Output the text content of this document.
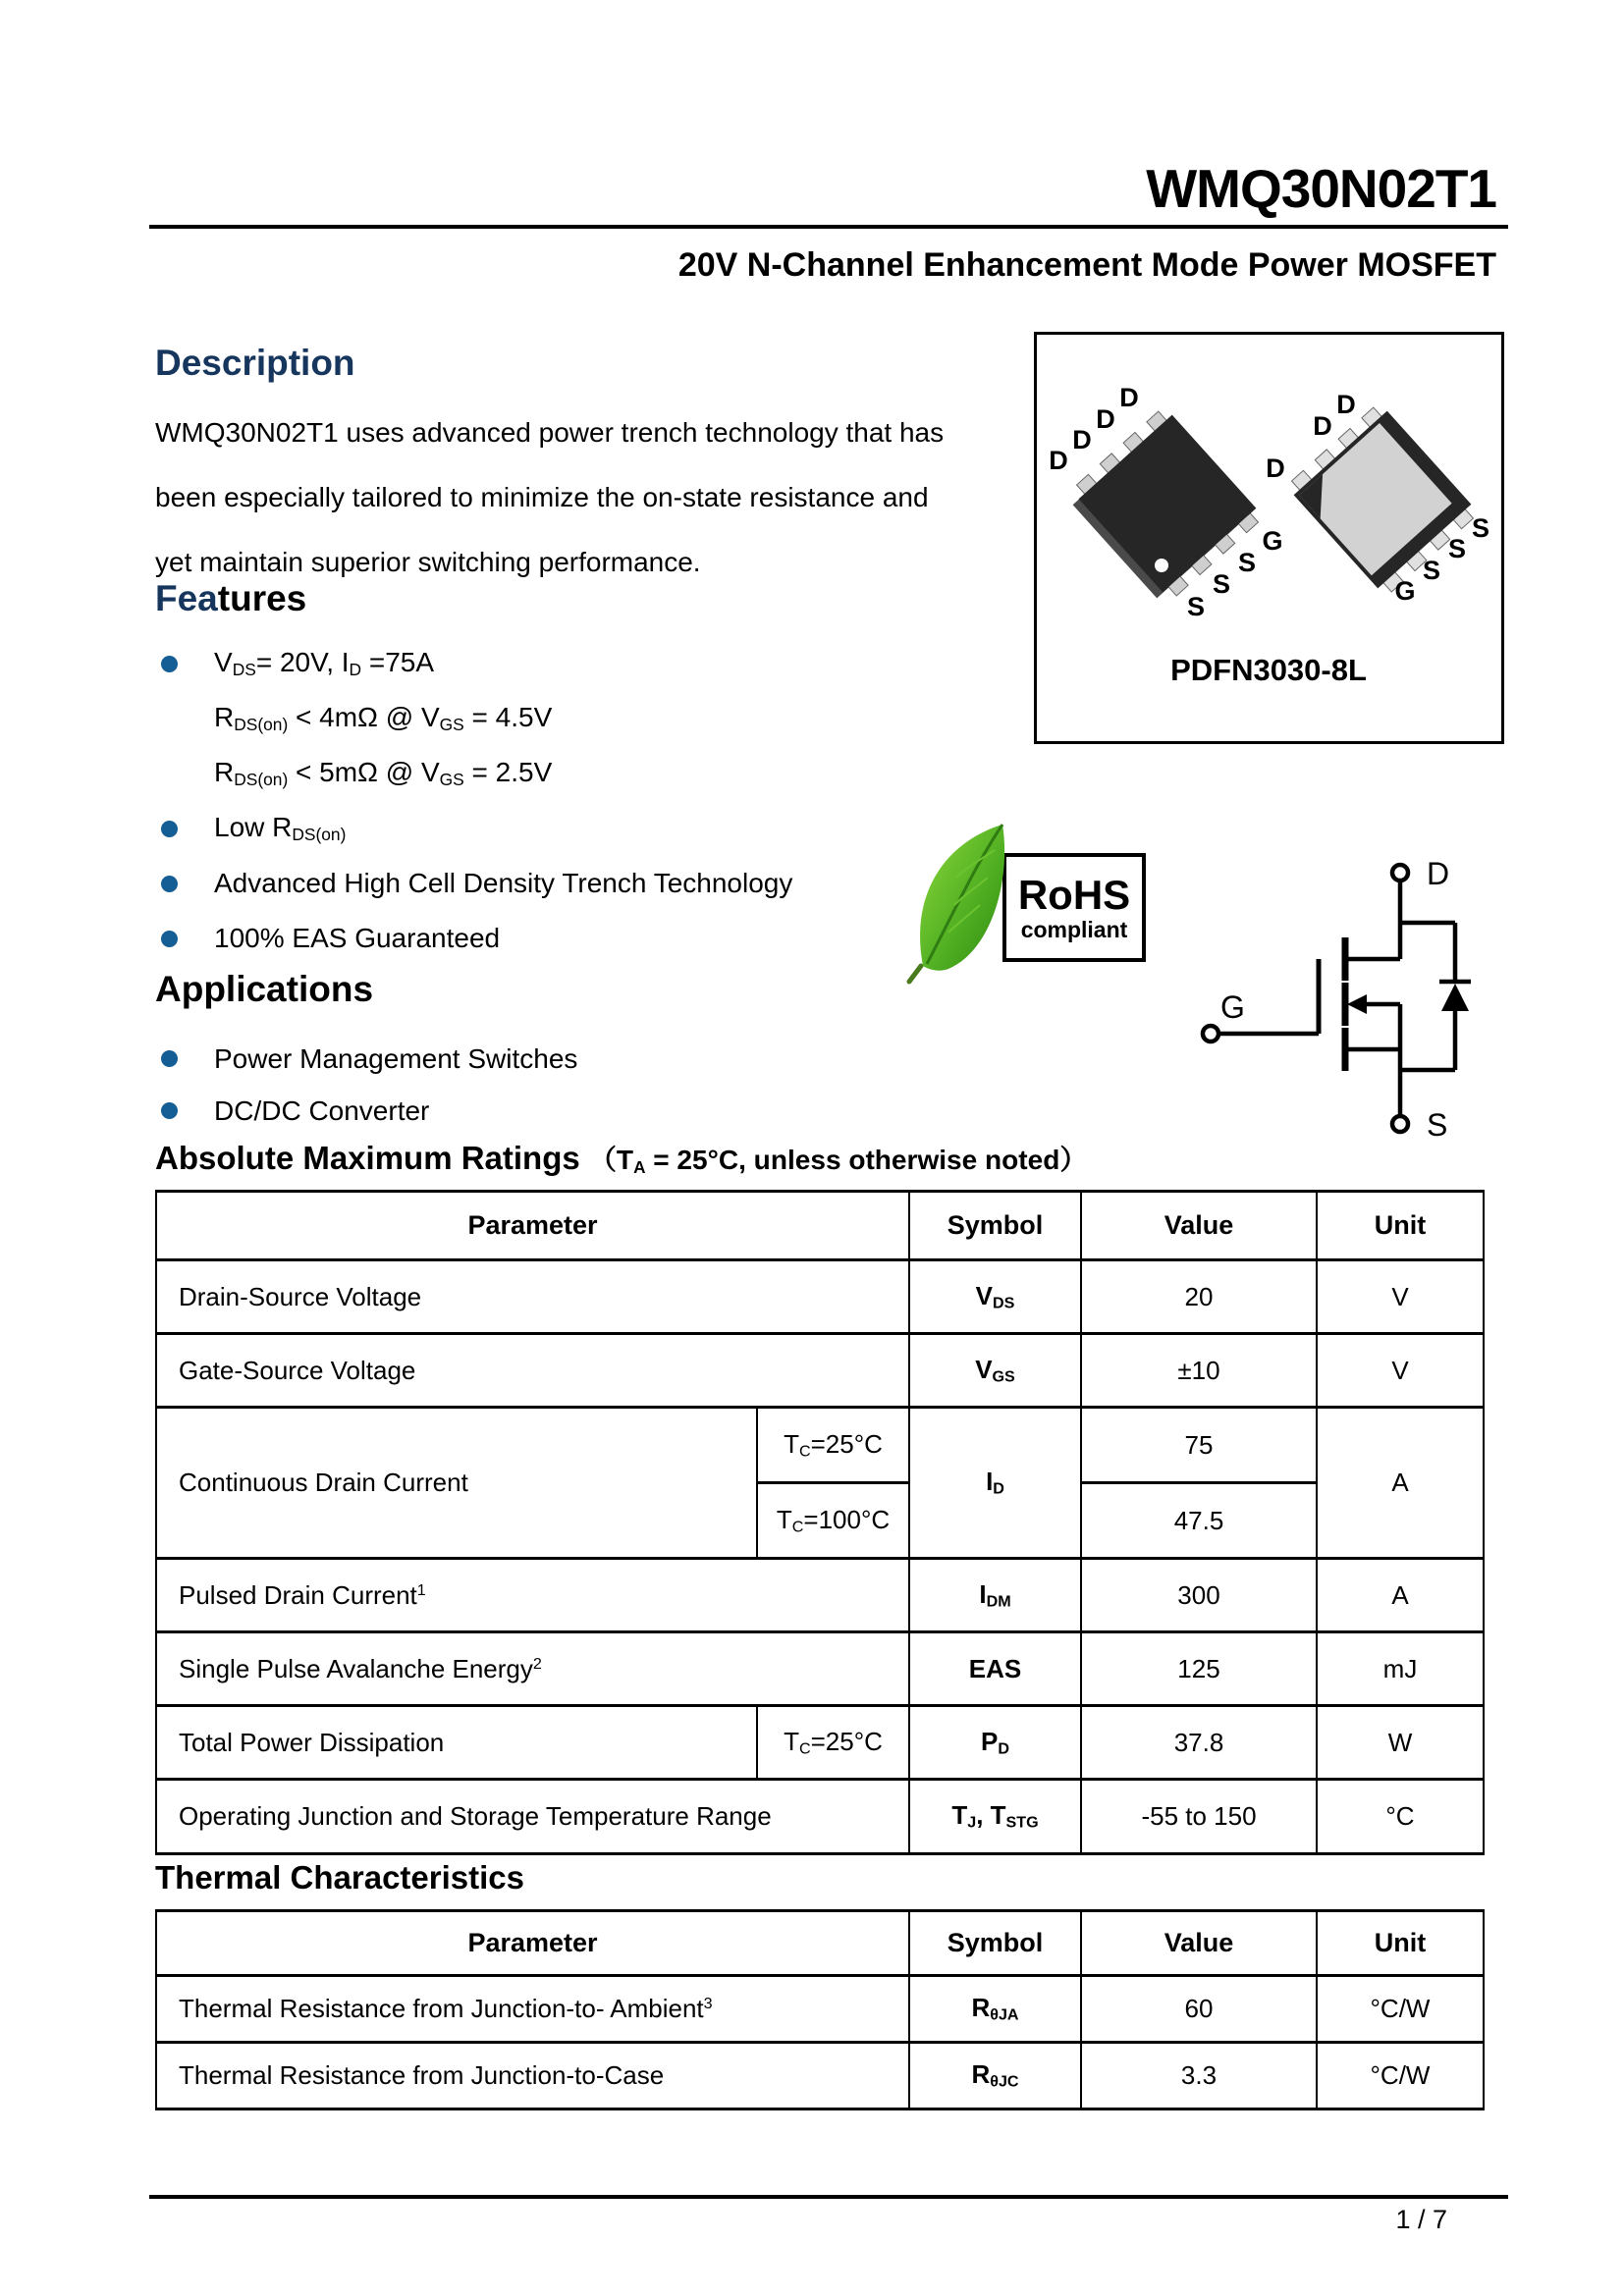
WMQ30N02T1
20V N-Channel Enhancement Mode Power MOSFET
Description
WMQ30N02T1 uses advanced power trench technology that has
been especially tailored to minimize the on-state resistance and
yet maintain superior switching performance.
Features
$V_{DS}= 20V$, $I_D =75A$
$R_{DS(on)} < 4m\Omega$ @ $V_{GS} = 4.5V$
$R_{DS(on)} < 5m\Omega$ @ $V_{GS} = 2.5V$
Low $R_{DS(on)}$
Advanced High Cell Density Trench Technology
100% EAS Guaranteed
Applications
Power Management Switches
DC/DC Converter
D
D
D
D
S
S
S
G
D
D
D
G
S
S
S
PDFN3030-8L
RoHS
compliant
D
G
S
Absolute Maximum Ratings （TA = 25°C, unless otherwise noted）
Parameter		Symbol	Value	Unit
Drain-Source Voltage		$V_{DS}$	20	V
Gate-Source Voltage		$V_{GS}$	±10	V
Continuous Drain Current	$T_C=25^\circ C$	$I_D$	75	A
	$T_C=100^\circ C$		47.5	
Pulsed Drain Current$^1$		$I_{DM}$	300	A
Single Pulse Avalanche Energy$^2$		EAS	125	mJ
Total Power Dissipation	$T_C=25^\circ C$	$P_D$	37.8	W
Operating Junction and Storage Temperature Range		$T_J$, $T_{STG}$	-55 to 150	°C
Thermal Characteristics
Parameter	Symbol	Value	Unit
Thermal Resistance from Junction-to- Ambient$^3$	$R_{\theta JA}$	60	°C/W
Thermal Resistance from Junction-to-Case	$R_{\theta JC}$	3.3	°C/W
1 / 7
